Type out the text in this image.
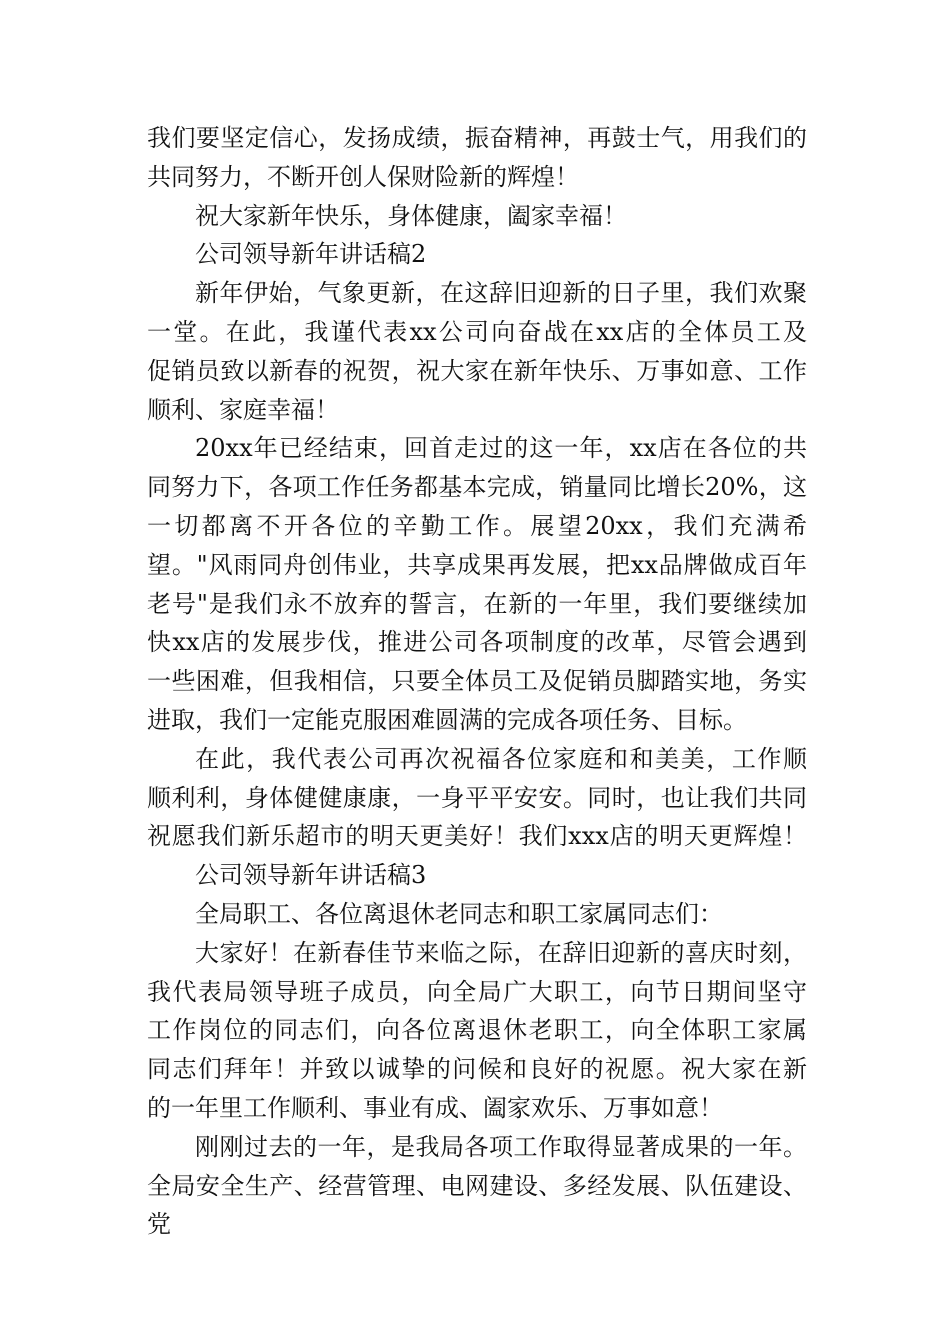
我们要坚定信心，发扬成绩，振奋精神，再鼓士气，用我们的
共同努力，不断开创人保财险新的辉煌！
祝大家新年快乐，身体健康，阖家幸福！
公司领导新年讲话稿2
新年伊始，气象更新，在这辞旧迎新的日子里，我们欢聚
一堂。在此，我谨代表xx公司向奋战在xx店的全体员工及
促销员致以新春的祝贺，祝大家在新年快乐、万事如意、工作
顺利、家庭幸福！
20xx年已经结束，回首走过的这一年，xx店在各位的共
同努力下，各项工作任务都基本完成，销量同比增长20%，这
一切都离不开各位的辛勤工作。展望20xx，我们充满希
望。"风雨同舟创伟业，共享成果再发展，把xx品牌做成百年
老号"是我们永不放弃的誓言，在新的一年里，我们要继续加
快xx店的发展步伐，推进公司各项制度的改革，尽管会遇到
一些困难，但我相信，只要全体员工及促销员脚踏实地，务实
进取，我们一定能克服困难圆满的完成各项任务、目标。
在此，我代表公司再次祝福各位家庭和和美美，工作顺
顺利利，身体健健康康，一身平平安安。同时，也让我们共同
祝愿我们新乐超市的明天更美好！我们xxx店的明天更辉煌！
公司领导新年讲话稿3
全局职工、各位离退休老同志和职工家属同志们：
大家好！在新春佳节来临之际，在辞旧迎新的喜庆时刻，
我代表局领导班子成员，向全局广大职工，向节日期间坚守
工作岗位的同志们，向各位离退休老职工，向全体职工家属
同志们拜年！并致以诚挚的问候和良好的祝愿。祝大家在新
的一年里工作顺利、事业有成、阖家欢乐、万事如意！
刚刚过去的一年，是我局各项工作取得显著成果的一年。
全局安全生产、经营管理、电网建设、多经发展、队伍建设、党
